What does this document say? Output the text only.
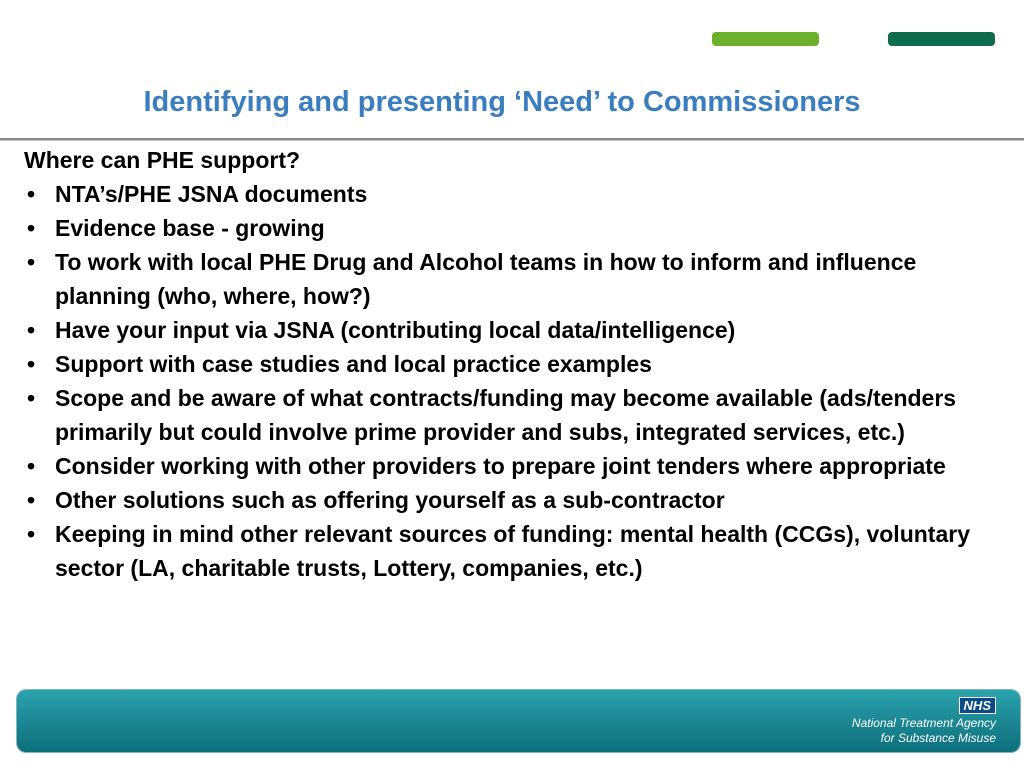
Identifying and presenting ‘Need’ to Commissioners

Where can PHE support?

• NTA’s/PHE JSNA documents
• Evidence base - growing
• To work with local PHE Drug and Alcohol teams in how to inform and influence planning (who, where, how?)
• Have your input via JSNA (contributing local data/intelligence)
• Support with case studies and local practice examples
• Scope and be aware of what contracts/funding may become available (ads/tenders primarily but could involve prime provider and subs, integrated services, etc.)
• Consider working with other providers to prepare joint tenders where appropriate
• Other solutions such as offering yourself as a sub-contractor
• Keeping in mind other relevant sources of funding: mental health (CCGs), voluntary sector (LA, charitable trusts, Lottery, companies, etc.)
NHS
National Treatment Agency
for Substance Misuse
